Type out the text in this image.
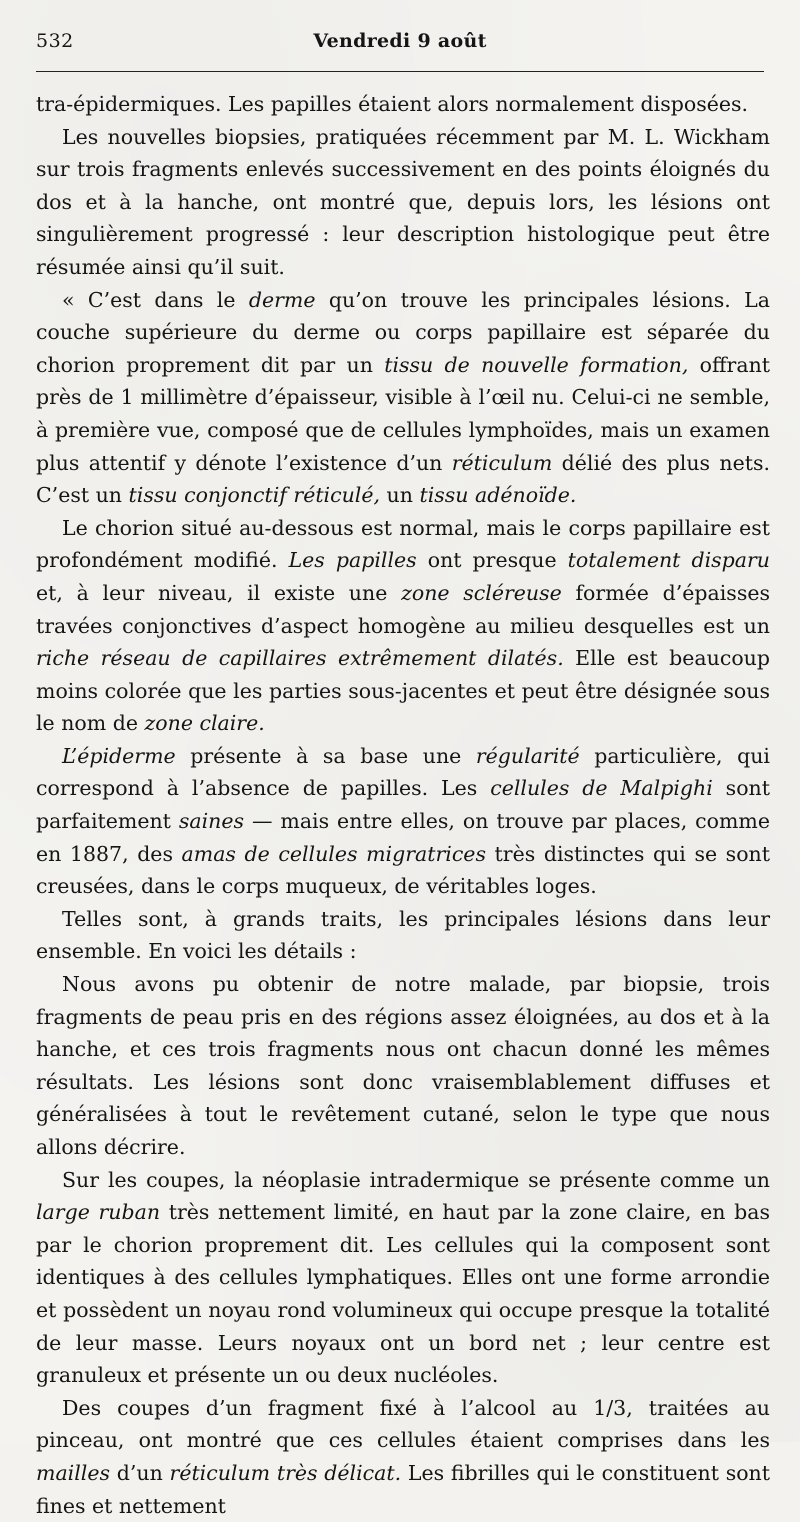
532	Vendredi 9 août

tra-épidermiques. Les papilles étaient alors normalement disposées.

Les nouvelles biopsies, pratiquées récemment par M. L. Wickham sur trois fragments enlevés successivement en des points éloignés du dos et à la hanche, ont montré que, depuis lors, les lésions ont singulièrement progressé : leur description histologique peut être résumée ainsi qu’il suit.

« C’est dans le derme qu’on trouve les principales lésions. La couche supérieure du derme ou corps papillaire est séparée du chorion proprement dit par un tissu de nouvelle formation, offrant près de 1 millimètre d’épaisseur, visible à l’œil nu. Celui-ci ne semble, à première vue, composé que de cellules lymphoïdes, mais un examen plus attentif y dénote l’existence d’un réticulum délié des plus nets. C’est un tissu conjonctif réticulé, un tissu adénoïde.

Le chorion situé au-dessous est normal, mais le corps papillaire est profondément modifié. Les papilles ont presque totalement disparu et, à leur niveau, il existe une zone scléreuse formée d’épaisses travées conjonctives d’aspect homogène au milieu desquelles est un riche réseau de capillaires extrêmement dilatés. Elle est beaucoup moins colorée que les parties sous-jacentes et peut être désignée sous le nom de zone claire.

L’épiderme présente à sa base une régularité particulière, qui correspond à l’absence de papilles. Les cellules de Malpighi sont parfaitement saines — mais entre elles, on trouve par places, comme en 1887, des amas de cellules migratrices très distinctes qui se sont creusées, dans le corps muqueux, de véritables loges.

Telles sont, à grands traits, les principales lésions dans leur ensemble. En voici les détails :

Nous avons pu obtenir de notre malade, par biopsie, trois fragments de peau pris en des régions assez éloignées, au dos et à la hanche, et ces trois fragments nous ont chacun donné les mêmes résultats. Les lésions sont donc vraisemblablement diffuses et généralisées à tout le revêtement cutané, selon le type que nous allons décrire.

Sur les coupes, la néoplasie intradermique se présente comme un large ruban très nettement limité, en haut par la zone claire, en bas par le chorion proprement dit. Les cellules qui la composent sont identiques à des cellules lymphatiques. Elles ont une forme arrondie et possèdent un noyau rond volumineux qui occupe presque la totalité de leur masse. Leurs noyaux ont un bord net ; leur centre est granuleux et présente un ou deux nucléoles.

Des coupes d’un fragment fixé à l’alcool au 1/3, traitées au pinceau, ont montré que ces cellules étaient comprises dans les mailles d’un réticulum très délicat. Les fibrilles qui le constituent sont fines et nettement
